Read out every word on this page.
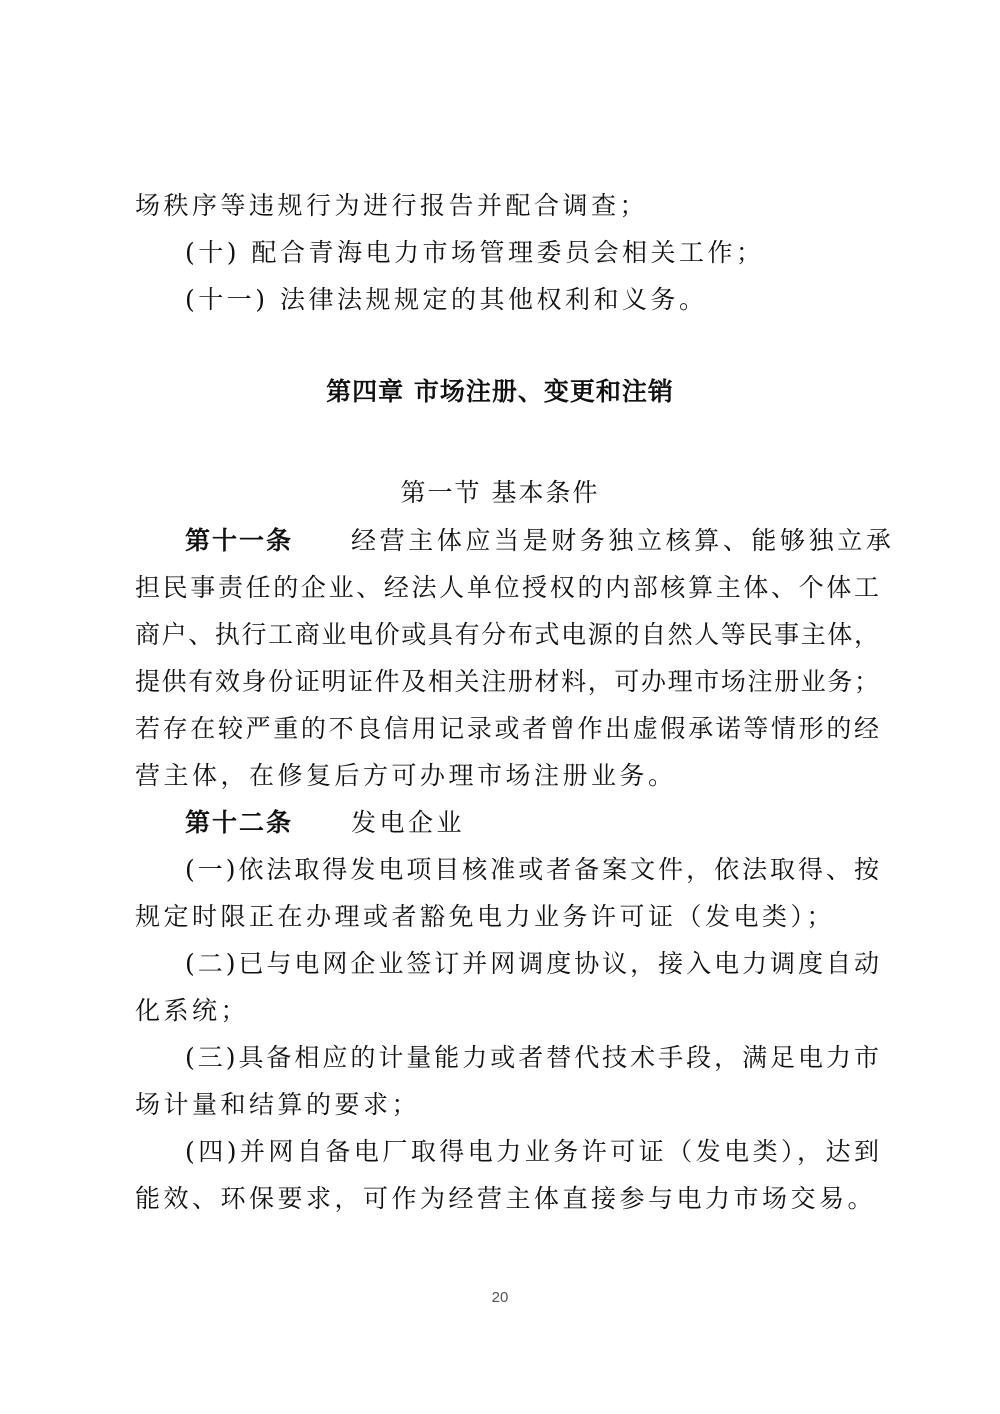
场秩序等违规行为进行报告并配合调查；
(十) 配合青海电力市场管理委员会相关工作；
(十一) 法律法规规定的其他权利和义务。
第四章 市场注册、变更和注销
第一节 基本条件
第十一条 经营主体应当是财务独立核算、能够独立承
担民事责任的企业、经法人单位授权的内部核算主体、个体工
商户、执行工商业电价或具有分布式电源的自然人等民事主体，
提供有效身份证明证件及相关注册材料，可办理市场注册业务；
若存在较严重的不良信用记录或者曾作出虚假承诺等情形的经
营主体，在修复后方可办理市场注册业务。
第十二条 发电企业
(一)依法取得发电项目核准或者备案文件，依法取得、按
规定时限正在办理或者豁免电力业务许可证（发电类）；
(二)已与电网企业签订并网调度协议，接入电力调度自动
化系统；
(三)具备相应的计量能力或者替代技术手段，满足电力市
场计量和结算的要求；
(四)并网自备电厂取得电力业务许可证（发电类），达到
能效、环保要求，可作为经营主体直接参与电力市场交易。
20
